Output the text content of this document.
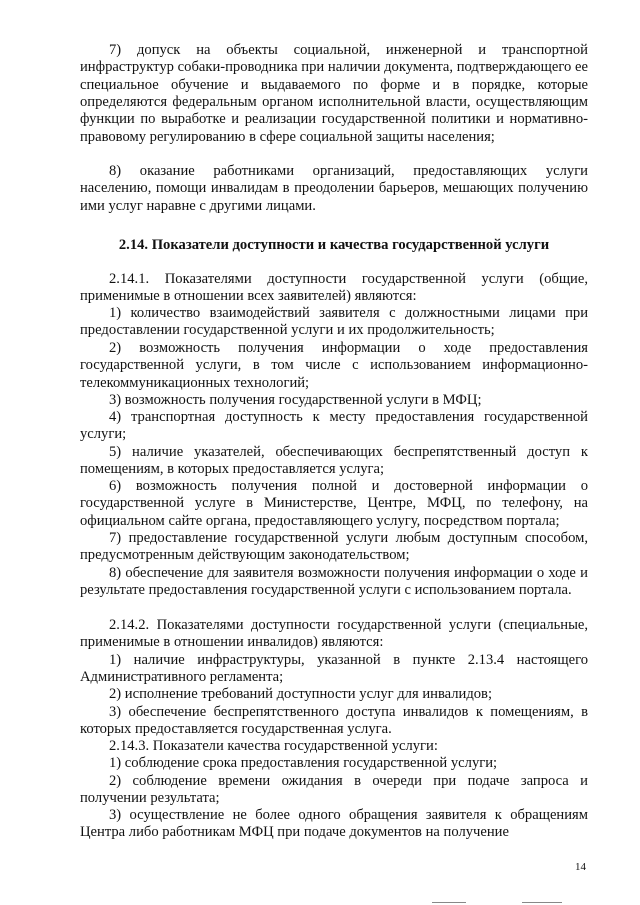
7) допуск на объекты социальной, инженерной и транспортной инфраструктур собаки-проводника при наличии документа, подтверждающего ее специальное обучение и выдаваемого по форме и в порядке, которые определяются федеральным органом исполнительной власти, осуществляющим функции по выработке и реализации государственной политики и нормативно-правовому регулированию в сфере социальной защиты населения;

8) оказание работниками организаций, предоставляющих услуги населению, помощи инвалидам в преодолении барьеров, мешающих получению ими услуг наравне с другими лицами.

2.14. Показатели доступности и качества государственной услуги

2.14.1. Показателями доступности государственной услуги (общие, применимые в отношении всех заявителей) являются:

1) количество взаимодействий заявителя с должностными лицами при предоставлении государственной услуги и их продолжительность;

2) возможность получения информации о ходе предоставления государственной услуги, в том числе с использованием информационно-телекоммуникационных технологий;

3) возможность получения государственной услуги в МФЦ;

4) транспортная доступность к месту предоставления государственной услуги;

5) наличие указателей, обеспечивающих беспрепятственный доступ к помещениям, в которых предоставляется услуга;

6) возможность получения полной и достоверной информации о государственной услуге в Министерстве, Центре, МФЦ, по телефону, на официальном сайте органа, предоставляющего услугу, посредством портала;

7) предоставление государственной услуги любым доступным способом, предусмотренным действующим законодательством;

8) обеспечение для заявителя возможности получения информации о ходе и результате предоставления государственной услуги с использованием портала.

2.14.2. Показателями доступности государственной услуги (специальные, применимые в отношении инвалидов) являются:

1) наличие инфраструктуры, указанной в пункте 2.13.4 настоящего Административного регламента;

2) исполнение требований доступности услуг для инвалидов;

3) обеспечение беспрепятственного доступа инвалидов к помещениям, в которых предоставляется государственная услуга.

2.14.3. Показатели качества государственной услуги:

1) соблюдение срока предоставления государственной услуги;

2) соблюдение времени ожидания в очереди при подаче запроса и получении результата;

3) осуществление не более одного обращения заявителя к обращениям Центра либо работникам МФЦ при подаче документов на получение

14
